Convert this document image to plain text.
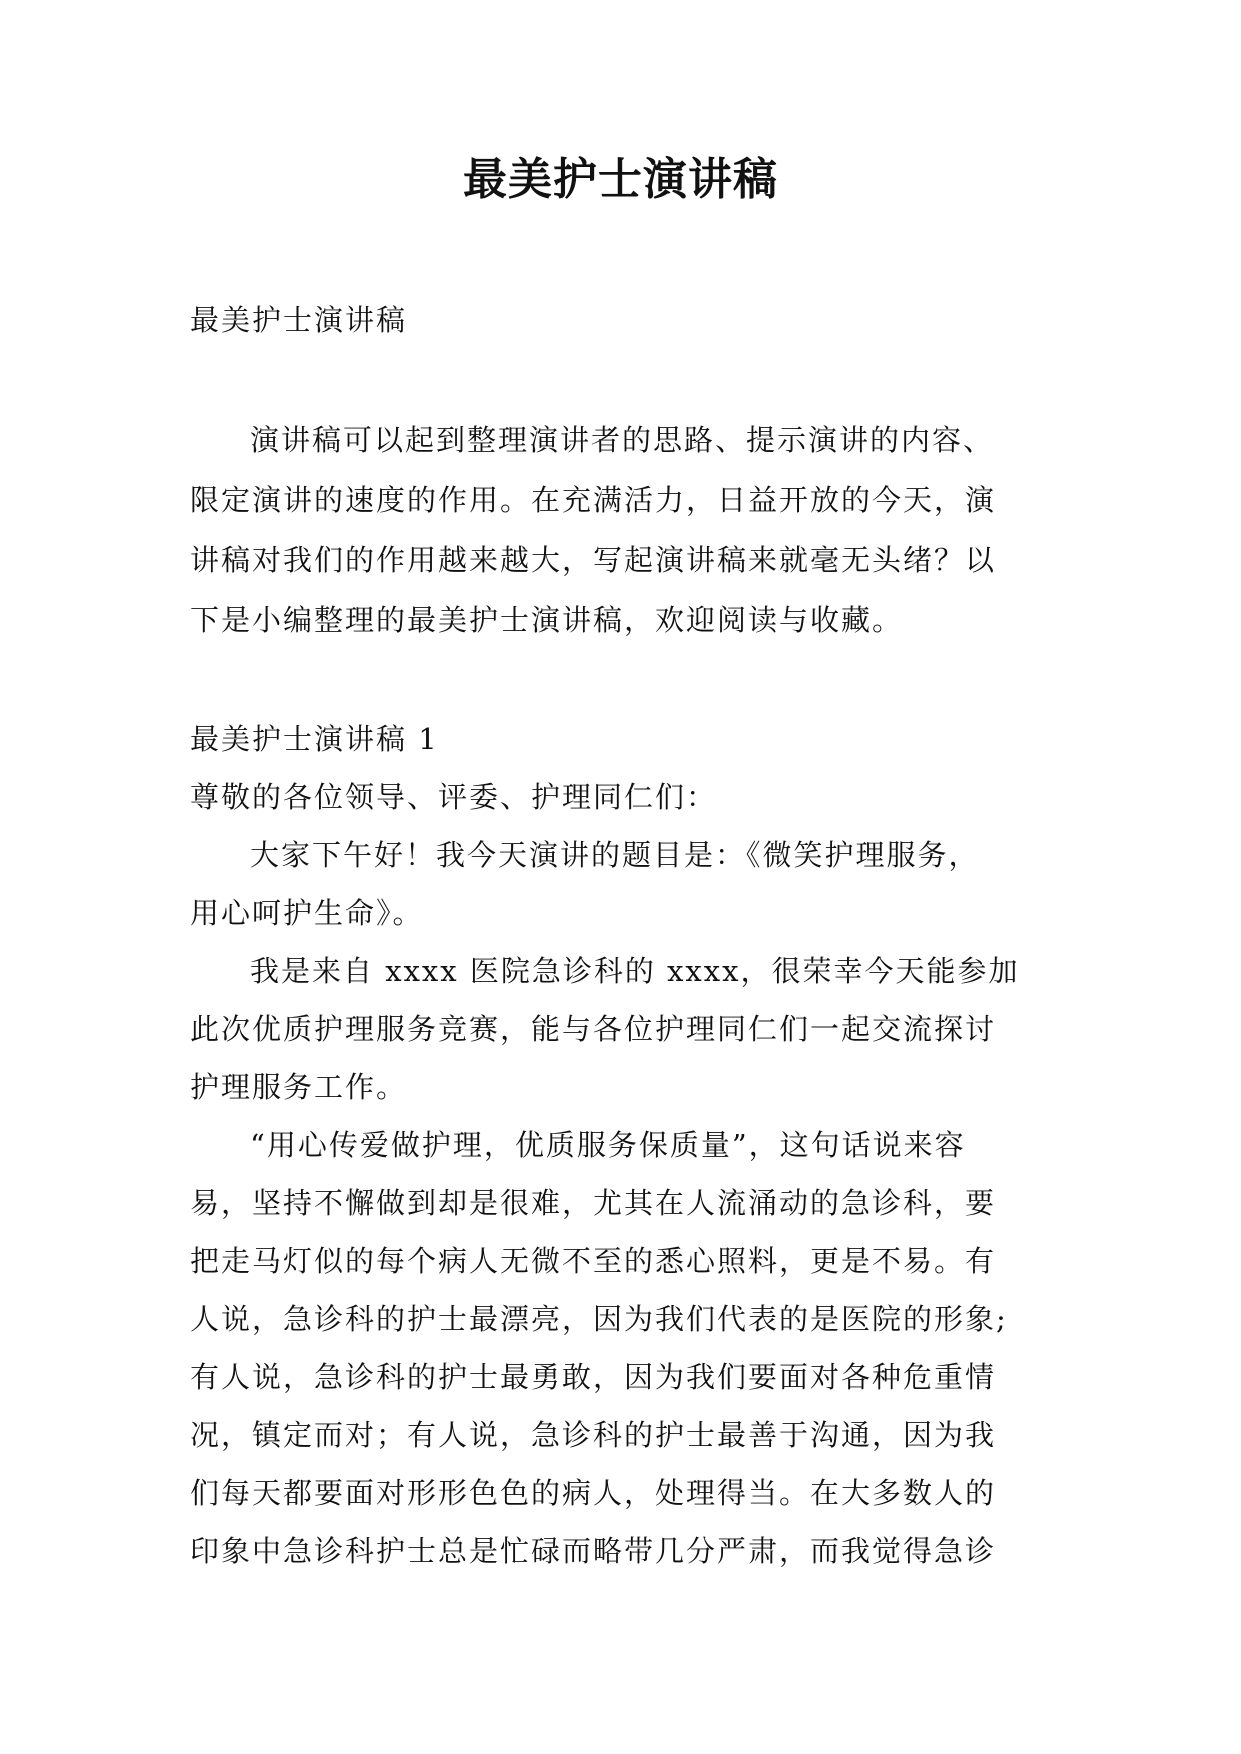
最美护士演讲稿
最美护士演讲稿
演讲稿可以起到整理演讲者的思路、提示演讲的内容、
限定演讲的速度的作用。在充满活力，日益开放的今天，演
讲稿对我们的作用越来越大，写起演讲稿来就毫无头绪？以
下是小编整理的最美护士演讲稿，欢迎阅读与收藏。
最美护士演讲稿 1
尊敬的各位领导、评委、护理同仁们：
大家下午好！我今天演讲的题目是：《微笑护理服务，
用心呵护生命》。
我是来自 xxxx 医院急诊科的 xxxx，很荣幸今天能参加
此次优质护理服务竞赛，能与各位护理同仁们一起交流探讨
护理服务工作。
“用心传爱做护理，优质服务保质量”，这句话说来容
易，坚持不懈做到却是很难，尤其在人流涌动的急诊科，要
把走马灯似的每个病人无微不至的悉心照料，更是不易。有
人说，急诊科的护士最漂亮，因为我们代表的是医院的形象;
有人说，急诊科的护士最勇敢，因为我们要面对各种危重情
况，镇定而对；有人说，急诊科的护士最善于沟通，因为我
们每天都要面对形形色色的病人，处理得当。在大多数人的
印象中急诊科护士总是忙碌而略带几分严肃，而我觉得急诊
